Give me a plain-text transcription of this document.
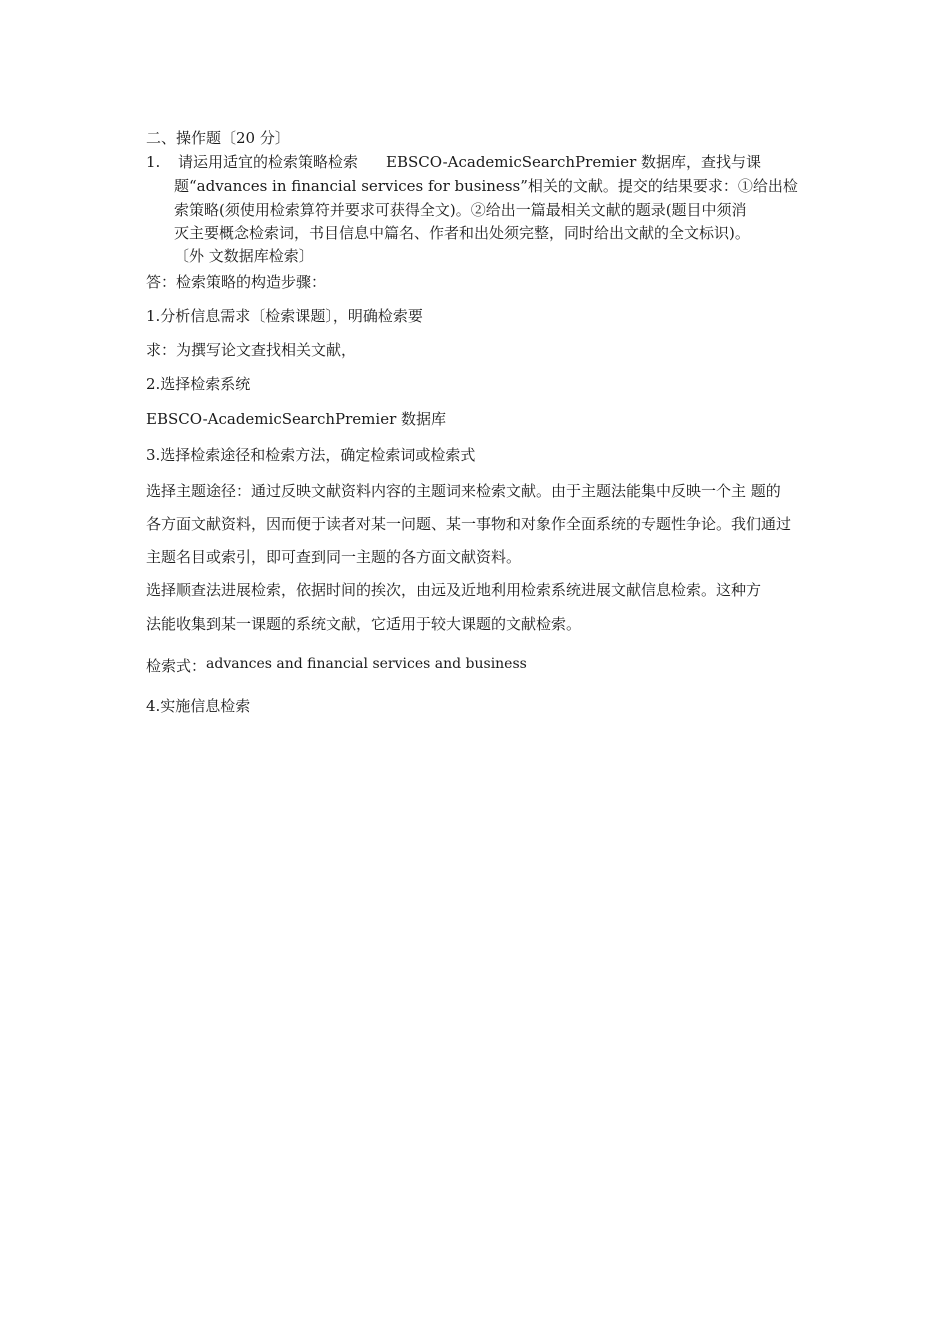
二、操作题〔20 分〕

1. 请运用适宜的检索策略检索 EBSCO-AcademicSearchPremier 数据库，查找与课

题“advances in financial services for business”相关的文献。提交的结果要求：①给出检

索策略(须使用检索算符并要求可获得全文)。②给出一篇最相关文献的题录(题目中须消

灭主要概念检索词，书目信息中篇名、作者和出处须完整，同时给出文献的全文标识)。

〔外 文数据库检索〕

答：检索策略的构造步骤：

1.分析信息需求〔检索课题〕，明确检索要

求：为撰写论文查找相关文献，

2.选择检索系统

EBSCO-AcademicSearchPremier 数据库

3.选择检索途径和检索方法，确定检索词或检索式

选择主题途径：通过反映文献资料内容的主题词来检索文献。由于主题法能集中反映一个主 题的

各方面文献资料，因而便于读者对某一问题、某一事物和对象作全面系统的专题性争论。我们通过

主题名目或索引，即可查到同一主题的各方面文献资料。

选择顺查法进展检索，依据时间的挨次，由远及近地利用检索系统进展文献信息检索。这种方

法能收集到某一课题的系统文献，它适用于较大课题的文献检索。

检索式：advances and financial services and business

4.实施信息检索
